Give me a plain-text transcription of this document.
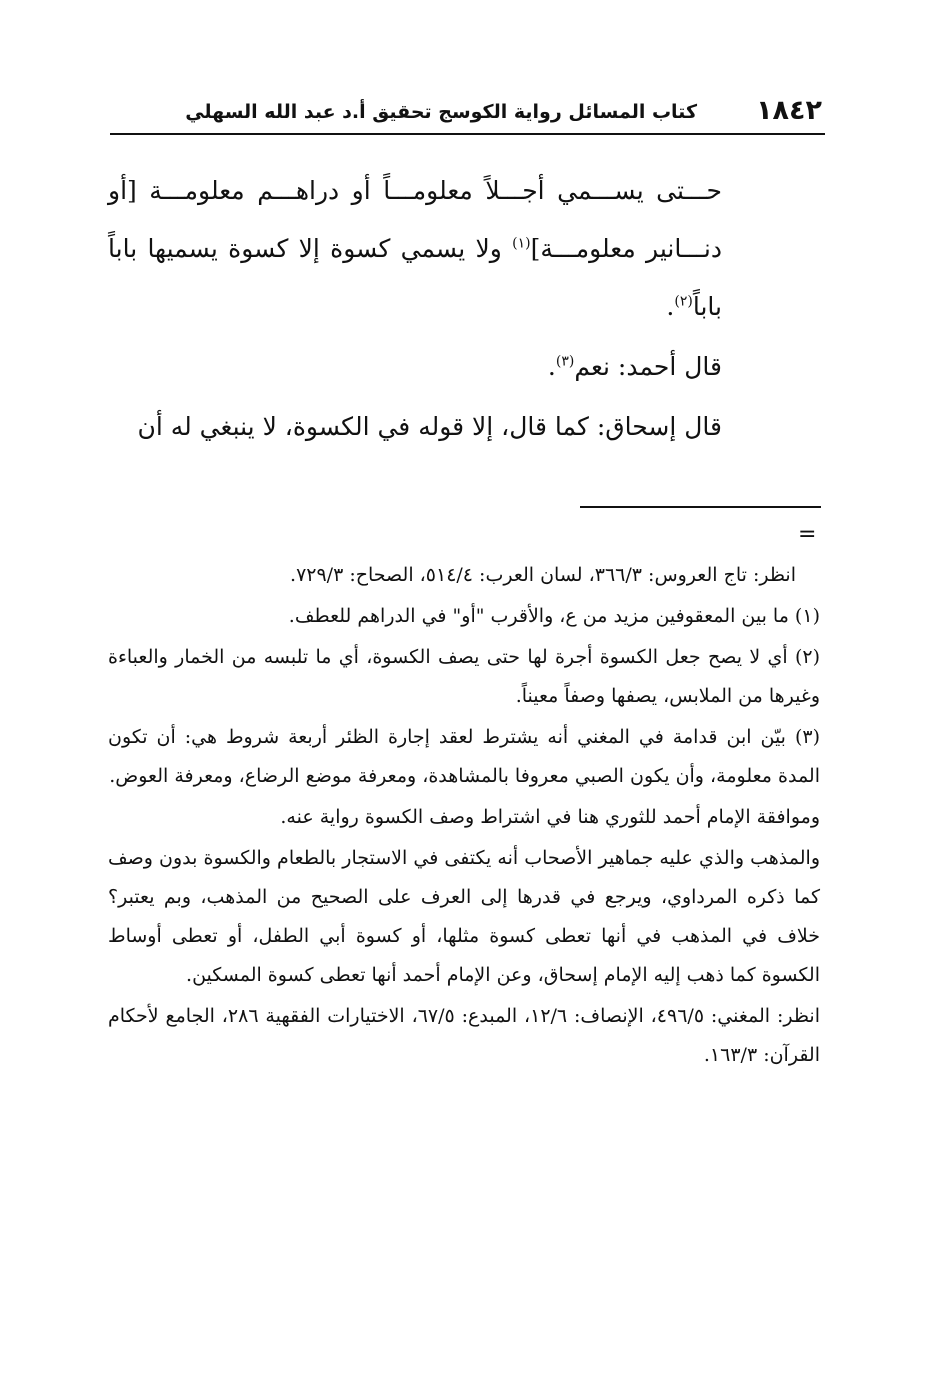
١٨٤٢
كتاب المسائل رواية الكوسج تحقيق أ.د عبد الله السهلي

حـــتى يســـمي أجـــلاً معلومـــاً أو دراهـــم معلومـــة [أو دنـــانير معلومـــة]$^{(١)}$ ولا يسمي كسوة إلا كسوة يسميها باباً باباً$^{(٢)}$.

قال أحمد: نعم$^{(٣)}$.

قال إسحاق: كما قال، إلا قوله في الكسوة، لا ينبغي له أن

=

انظر: تاج العروس: ٣٦٦/٣، لسان العرب: ٥١٤/٤، الصحاح: ٧٢٩/٣.

(١) ما بين المعقوفين مزيد من ع، والأقرب "أو" في الدراهم للعطف.

(٢) أي لا يصح جعل الكسوة أجرة لها حتى يصف الكسوة، أي ما تلبسه من الخمار والعباءة وغيرها من الملابس، يصفها وصفاً معيناً.

(٣) بيّن ابن قدامة في المغني أنه يشترط لعقد إجارة الظئر أربعة شروط هي: أن تكون المدة معلومة، وأن يكون الصبي معروفا بالمشاهدة، ومعرفة موضع الرضاع، ومعرفة العوض.

وموافقة الإمام أحمد للثوري هنا في اشتراط وصف الكسوة رواية عنه.

والمذهب والذي عليه جماهير الأصحاب أنه يكتفى في الاستجار بالطعام والكسوة بدون وصف كما ذكره المرداوي، ويرجع في قدرها إلى العرف على الصحيح من المذهب، وبم يعتبر؟ خلاف في المذهب في أنها تعطى كسوة مثلها، أو كسوة أبي الطفل، أو تعطى أوساط الكسوة كما ذهب إليه الإمام إسحاق، وعن الإمام أحمد أنها تعطى كسوة المسكين.

انظر: المغني: ٤٩٦/٥، الإنصاف: ١٢/٦، المبدع: ٦٧/٥، الاختيارات الفقهية ٢٨٦، الجامع لأحكام القرآن: ١٦٣/٣.
